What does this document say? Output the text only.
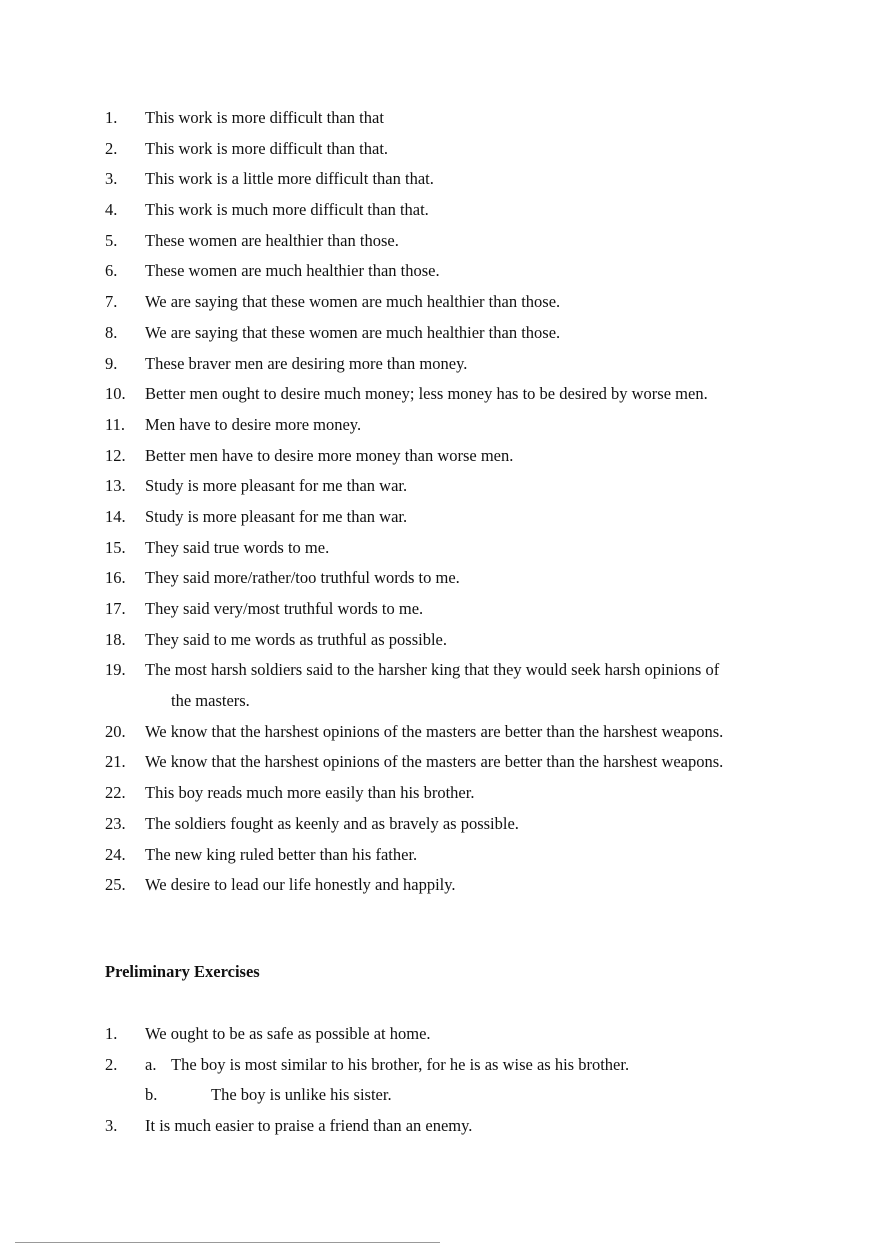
1.	This work is more difficult than that
2.	This work is more difficult than that.
3.	This work is a little more difficult than that.
4.	This work is much more difficult than that.
5.	These women are healthier than those.
6.	These women are much healthier than those.
7.	We are saying that these women are much healthier than those.
8.	We are saying that these women are much healthier than those.
9.	These braver men are desiring more than money.
10.	Better men ought to desire much money; less money has to be desired by worse men.
11.	Men have to desire more money.
12.	Better men have to desire more money than worse men.
13.	Study is more pleasant for me than war.
14.	Study is more pleasant for me than war.
15.	They said true words to me.
16.	They said more/rather/too truthful words to me.
17.	They said very/most truthful words to me.
18.	They said to me words as truthful as possible.
19.	The most harsh soldiers said to the harsher king that they would seek harsh opinions of
the masters.
20.	We know that the harshest opinions of the masters are better than the harshest weapons.
21.	We know that the harshest opinions of the masters are better than the harshest weapons.
22.	This boy reads much more easily than his brother.
23.	The soldiers fought as keenly and as bravely as possible.
24.	The new king ruled better than his father.
25.	We desire to lead our life honestly and happily.
Preliminary Exercises
1.	We ought to be as safe as possible at home.
2.	a. The boy is most similar to his brother, for he is as wise as his brother.
b.	The boy is unlike his sister.
3.	It is much easier to praise a friend than an enemy.
